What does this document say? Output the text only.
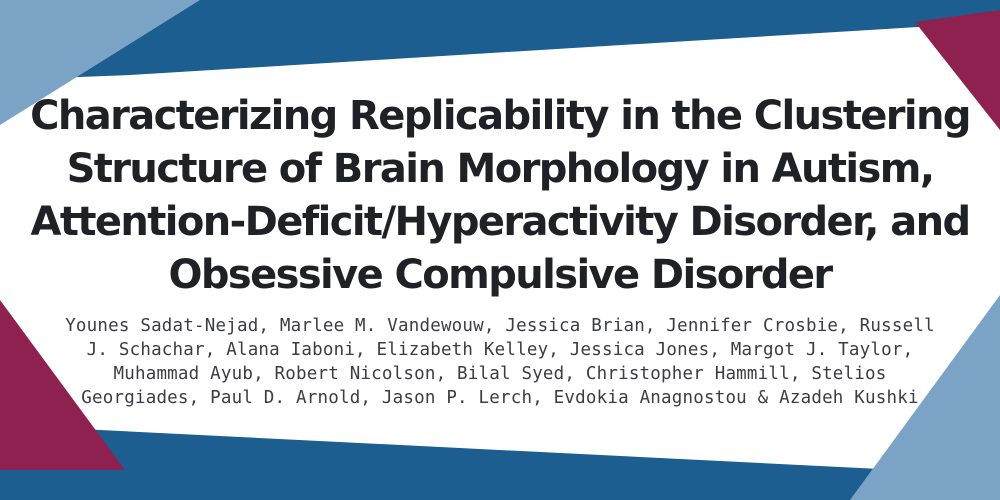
Characterizing Replicability in the Clustering Structure of Brain Morphology in Autism, Attention-Deficit/Hyperactivity Disorder, and Obsessive Compulsive Disorder

Younes Sadat-Nejad, Marlee M. Vandewouw, Jessica Brian, Jennifer Crosbie, Russell J. Schachar, Alana Iaboni, Elizabeth Kelley, Jessica Jones, Margot J. Taylor, Muhammad Ayub, Robert Nicolson, Bilal Syed, Christopher Hammill, Stelios Georgiades, Paul D. Arnold, Jason P. Lerch, Evdokia Anagnostou & Azadeh Kushki
